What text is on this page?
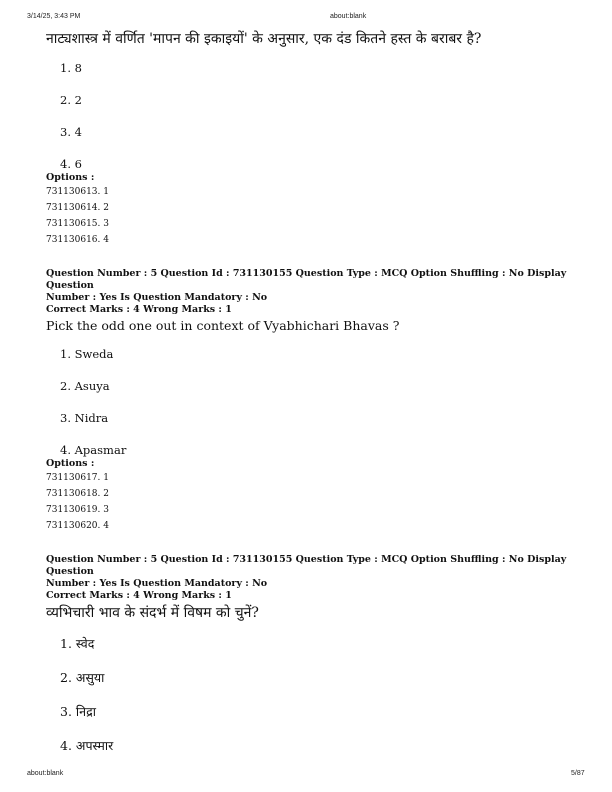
3/14/25, 3:43 PM	about:blank

नाट्यशास्त्र में वर्णित 'मापन की इकाइयों' के अनुसार, एक दंड कितने हस्त के बराबर है?

1. 8
2. 2
3. 4
4. 6
Options :
731130613. 1
731130614. 2
731130615. 3
731130616. 4
Question Number : 5 Question Id : 731130155 Question Type : MCQ Option Shuffling : No Display Question
Number : Yes Is Question Mandatory : No
Correct Marks : 4 Wrong Marks : 1

Pick the odd one out in context of Vyabhichari Bhavas ?

1. Sweda
2. Asuya
3. Nidra
4. Apasmar
Options :
731130617. 1
731130618. 2
731130619. 3
731130620. 4
Question Number : 5 Question Id : 731130155 Question Type : MCQ Option Shuffling : No Display Question
Number : Yes Is Question Mandatory : No
Correct Marks : 4 Wrong Marks : 1

व्यभिचारी भाव के संदर्भ में विषम को चुनें?

1. स्वेद
2. असुया
3. निद्रा
4. अपस्मार
about:blank	5/87
